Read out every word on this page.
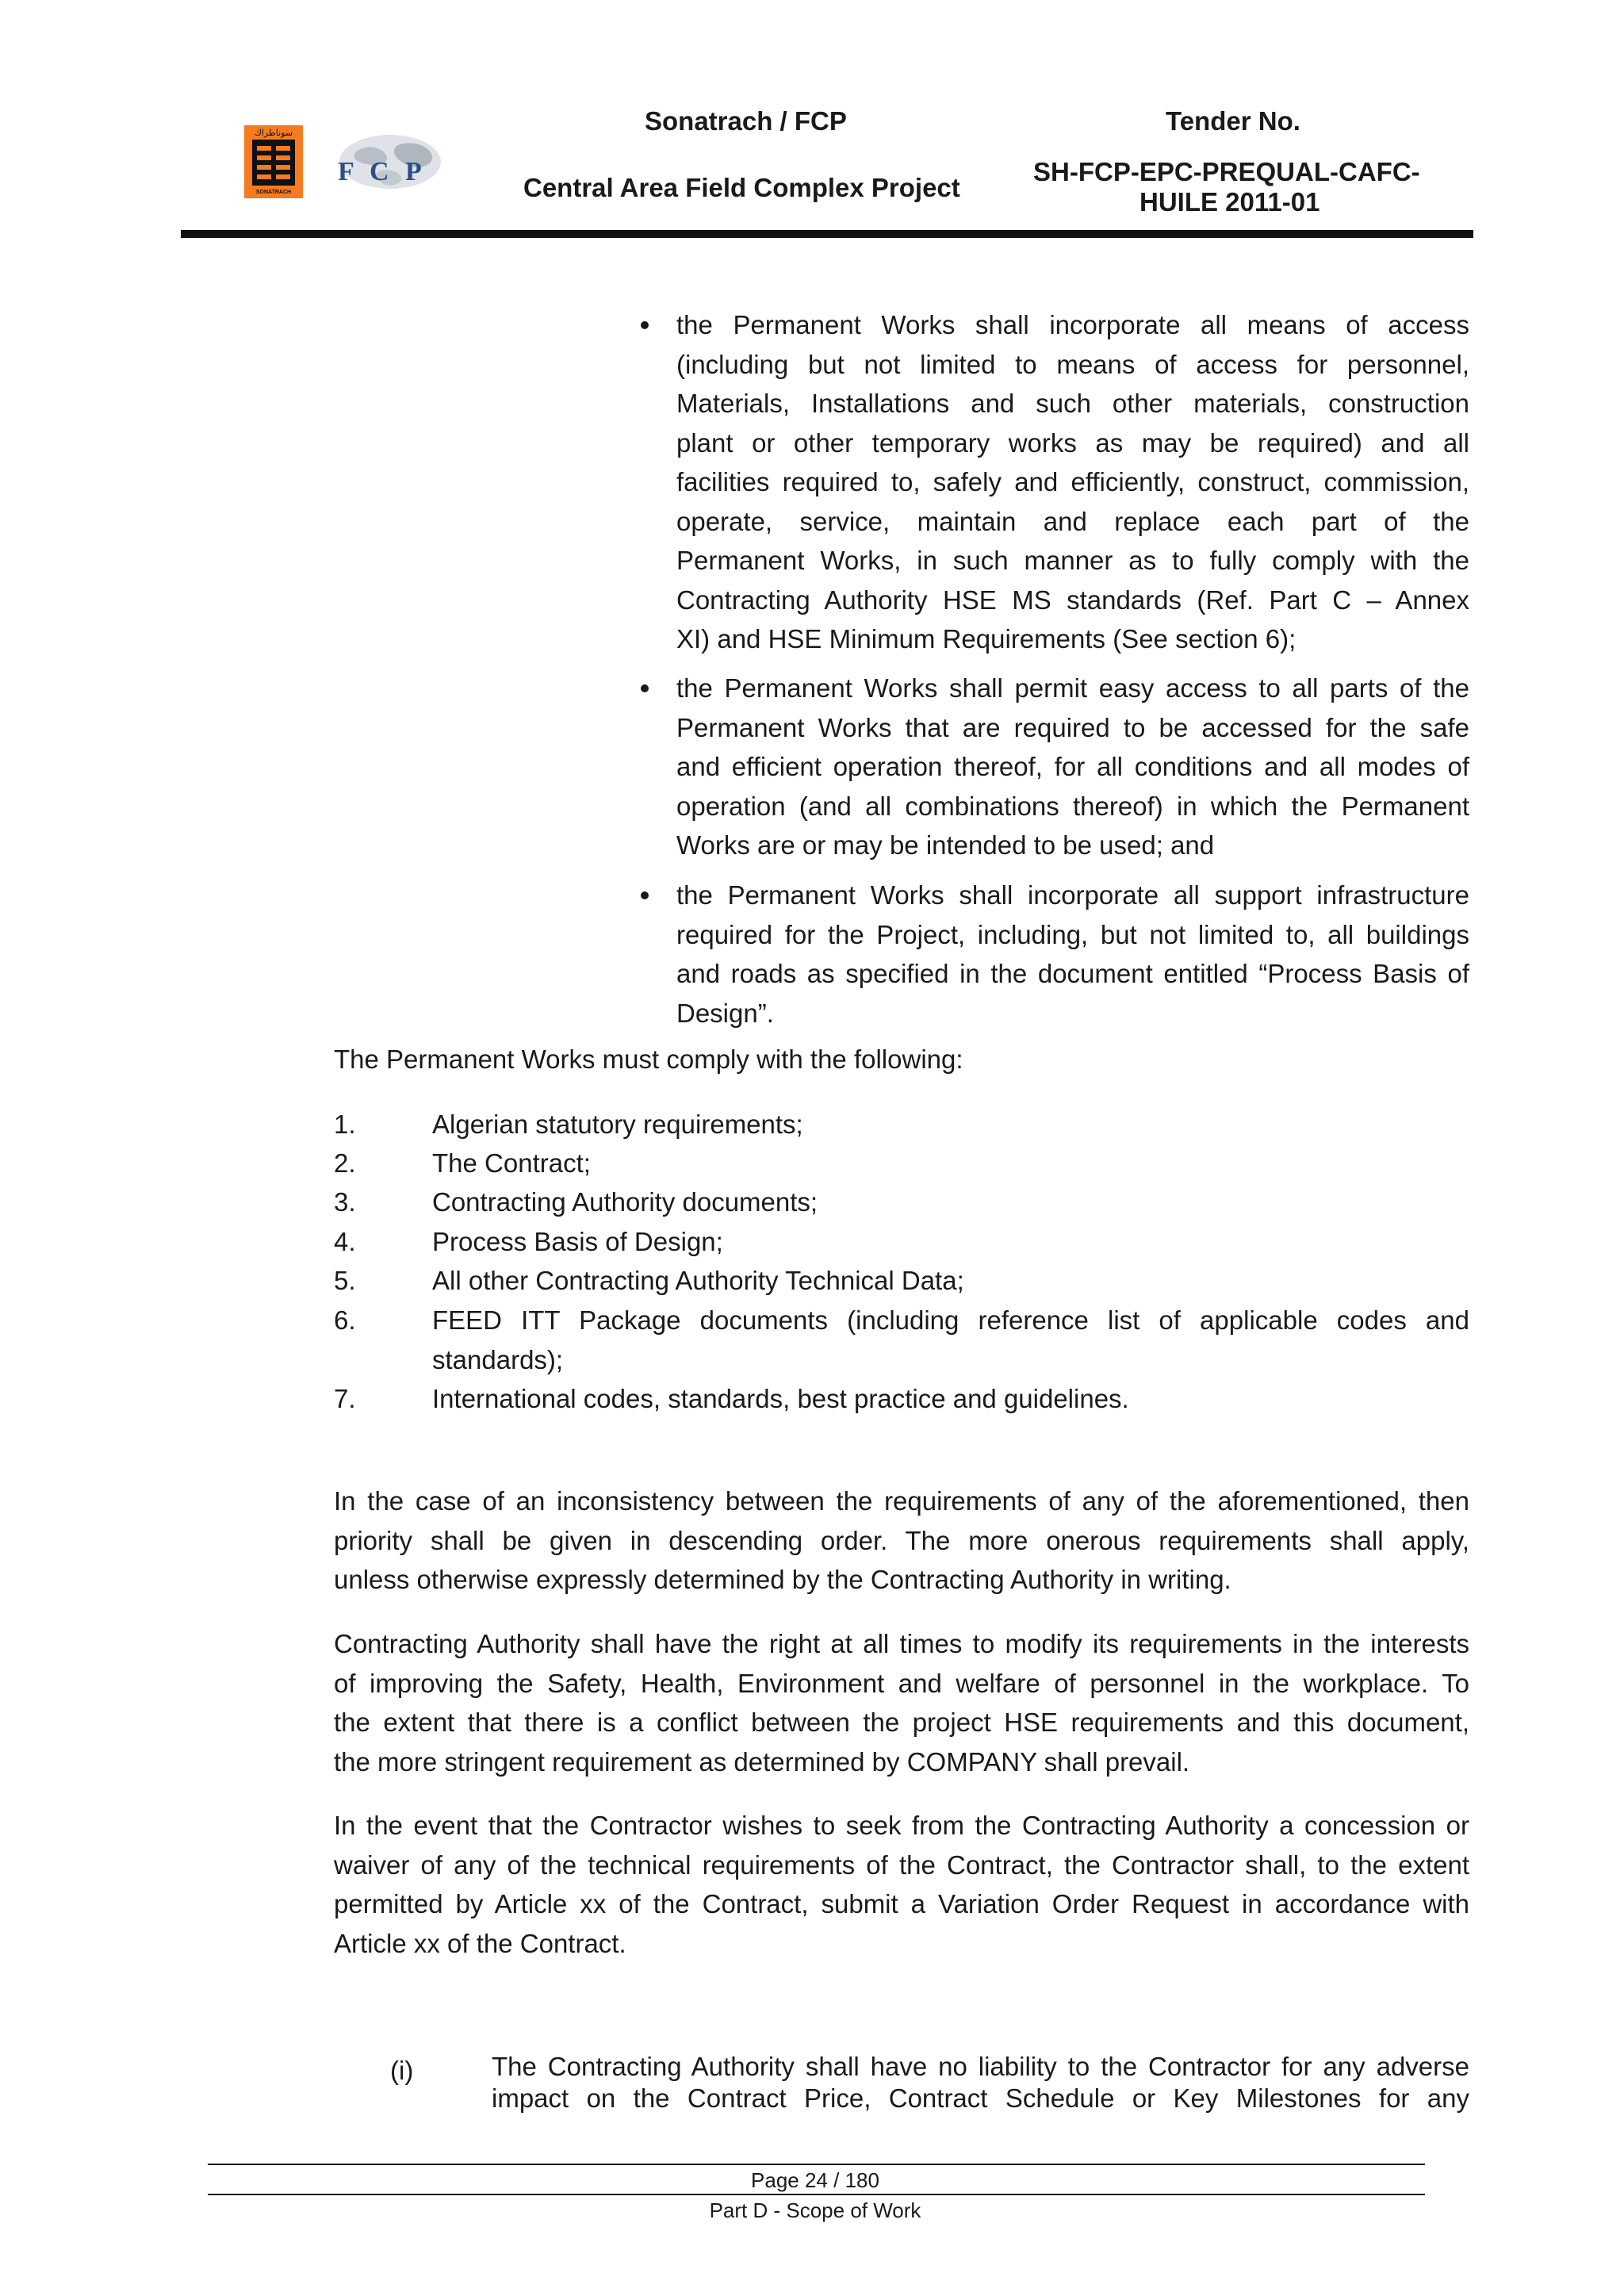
سوناطراك
SONATRACH
F C P
Sonatrach / FCP
Central Area Field Complex Project
Tender No.
SH-FCP-EPC-PREQUAL-CAFC-
HUILE 2011-01
the Permanent Works shall incorporate all means of access
(including but not limited to means of access for personnel,
Materials, Installations and such other materials, construction
plant or other temporary works as may be required) and all
facilities required to, safely and efficiently, construct, commission,
operate, service, maintain and replace each part of the
Permanent Works, in such manner as to fully comply with the
Contracting Authority HSE MS standards (Ref. Part C – Annex
XI) and HSE Minimum Requirements (See section 6);
the Permanent Works shall permit easy access to all parts of the
Permanent Works that are required to be accessed for the safe
and efficient operation thereof, for all conditions and all modes of
operation (and all combinations thereof) in which the Permanent
Works are or may be intended to be used; and
the Permanent Works shall incorporate all support infrastructure
required for the Project, including, but not limited to, all buildings
and roads as specified in the document entitled “Process Basis of
Design”.
The Permanent Works must comply with the following:
1.	Algerian statutory requirements;
2.	The Contract;
3.	Contracting Authority documents;
4.	Process Basis of Design;
5.	All other Contracting Authority Technical Data;
6.	FEED ITT Package documents (including reference list of applicable codes and
standards);
7.	International codes, standards, best practice and guidelines.
In the case of an inconsistency between the requirements of any of the aforementioned, then
priority shall be given in descending order. The more onerous requirements shall apply,
unless otherwise expressly determined by the Contracting Authority in writing.
Contracting Authority shall have the right at all times to modify its requirements in the interests
of improving the Safety, Health, Environment and welfare of personnel in the workplace. To
the extent that there is a conflict between the project HSE requirements and this document,
the more stringent requirement as determined by COMPANY shall prevail.
In the event that the Contractor wishes to seek from the Contracting Authority a concession or
waiver of any of the technical requirements of the Contract, the Contractor shall, to the extent
permitted by Article xx of the Contract, submit a Variation Order Request in accordance with
Article xx of the Contract.
(i)	The Contracting Authority shall have no liability to the Contractor for any adverse
impact on the Contract Price, Contract Schedule or Key Milestones for any
Page 24 / 180
Part D - Scope of Work
